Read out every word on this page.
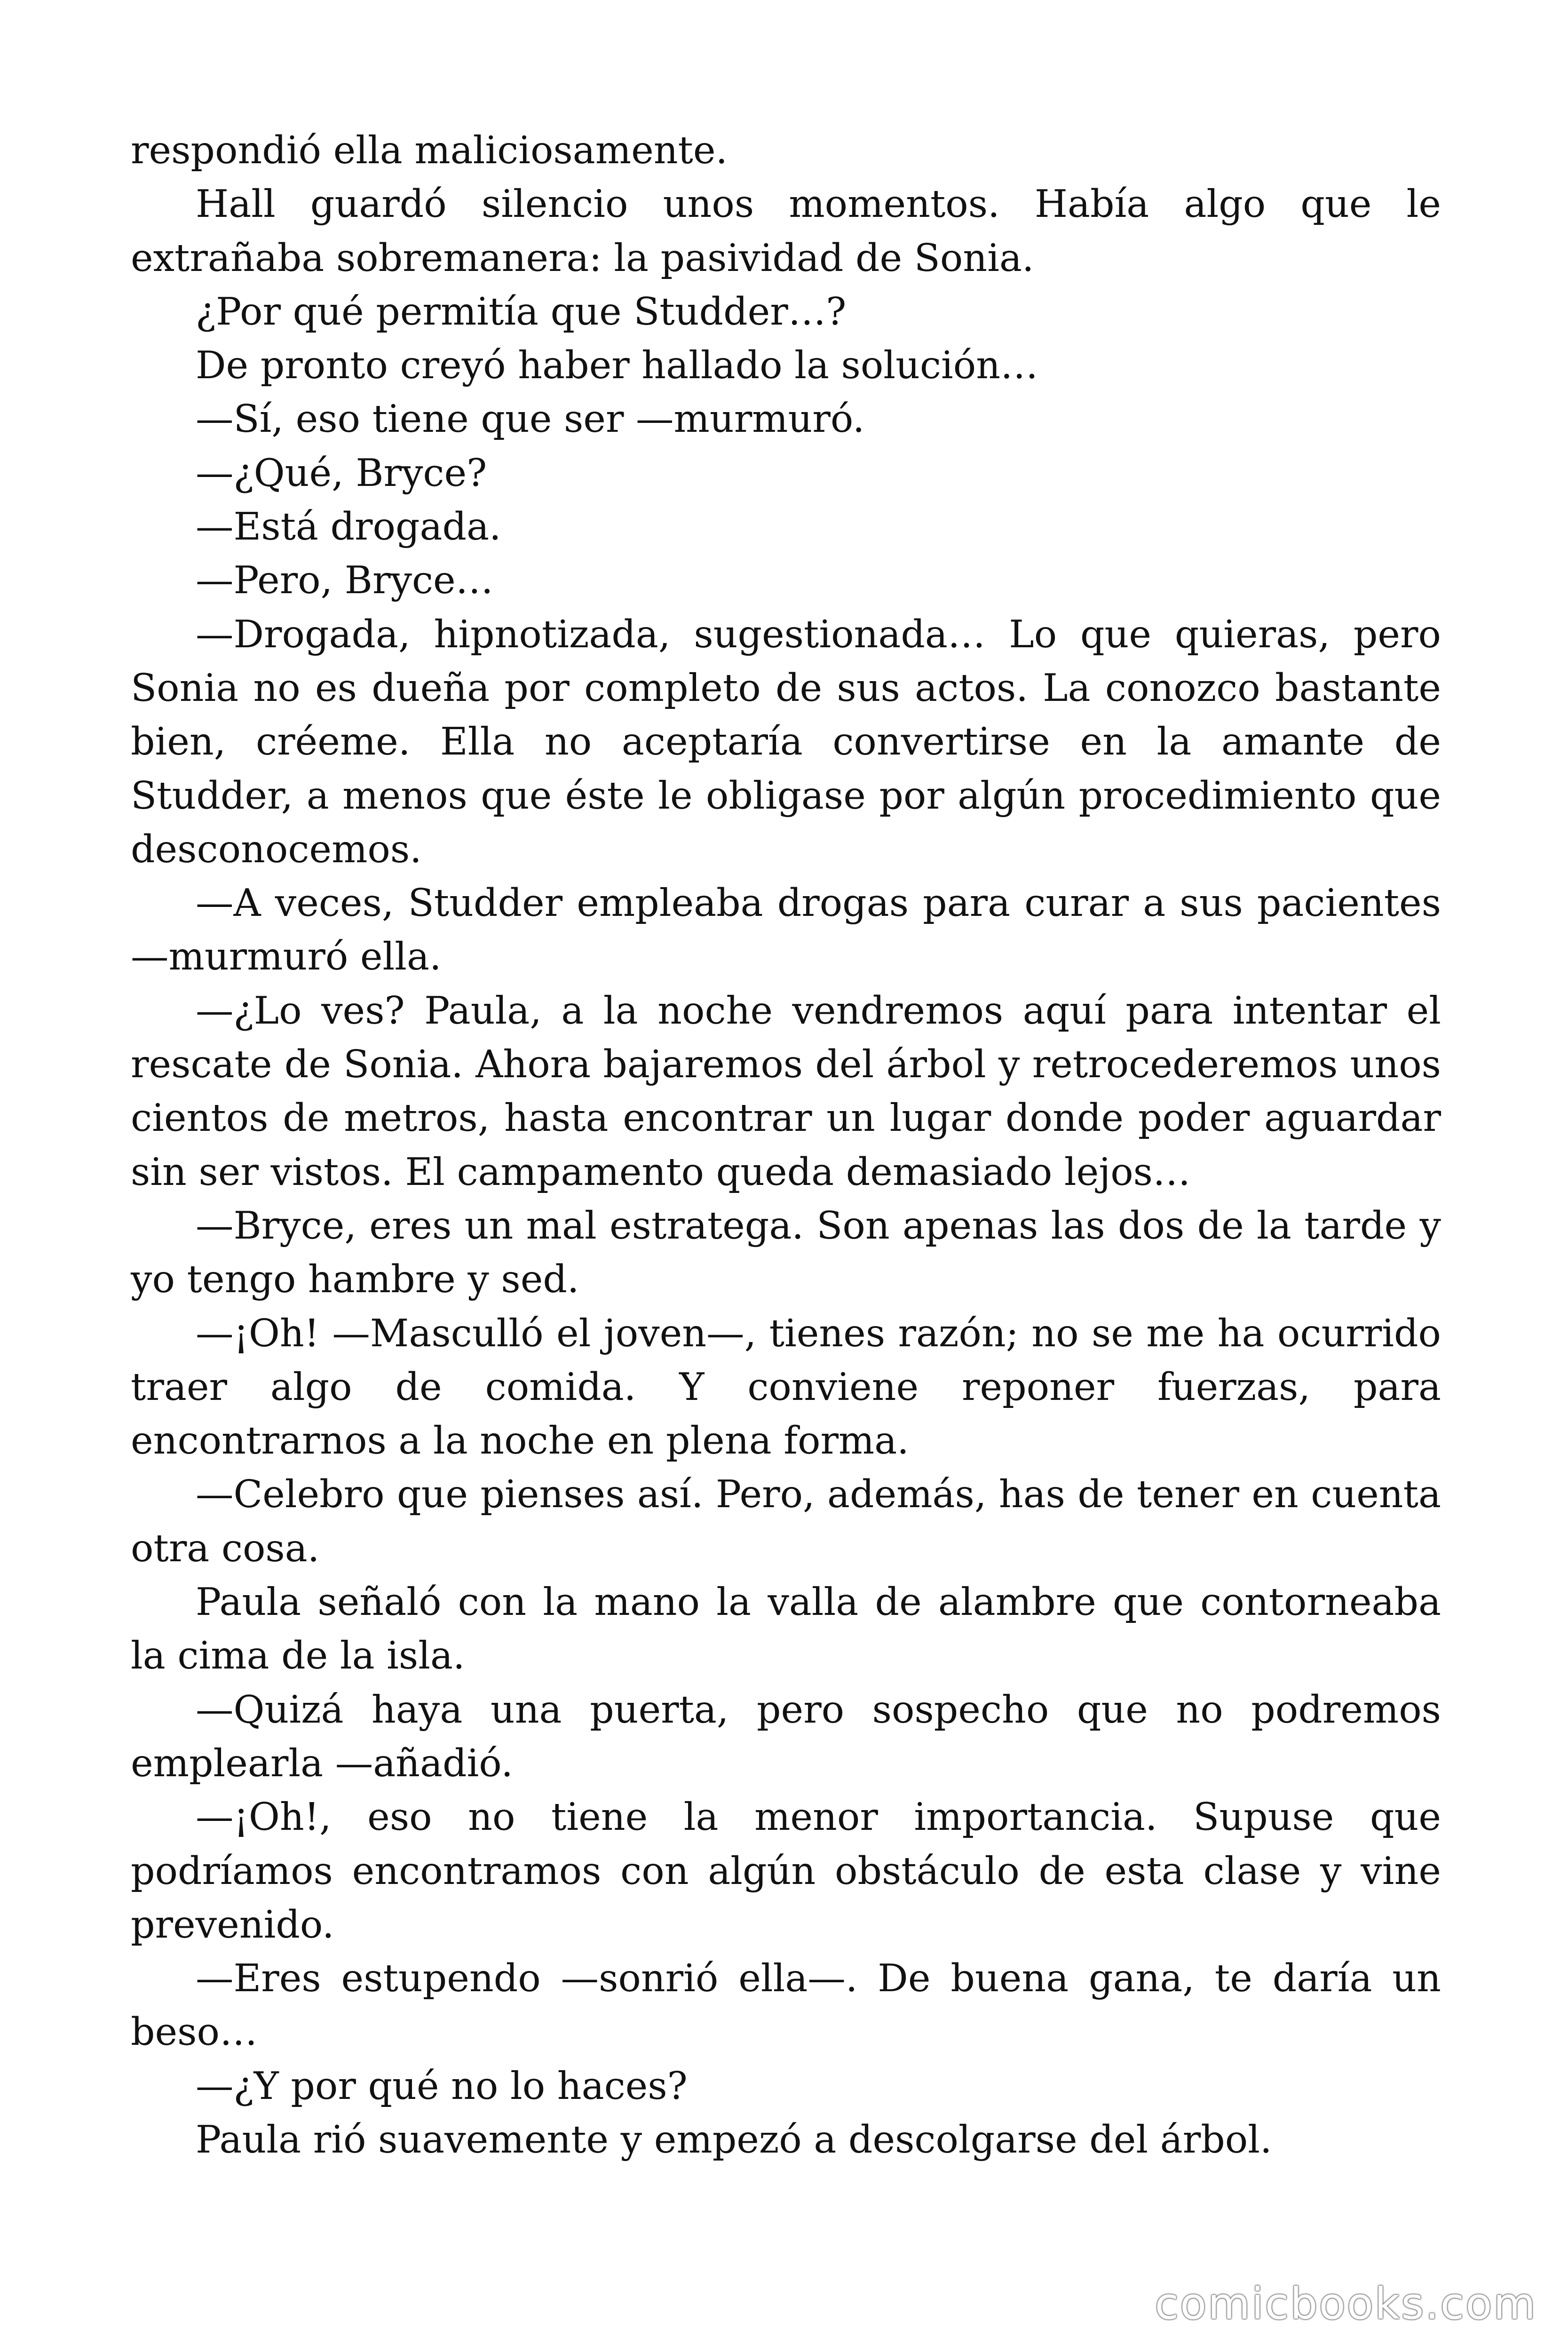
respondió ella maliciosamente.

Hall guardó silencio unos momentos. Había algo que le extrañaba sobremanera: la pasividad de Sonia.

¿Por qué permitía que Studder…?

De pronto creyó haber hallado la solución…

—Sí, eso tiene que ser —murmuró.

—¿Qué, Bryce?

—Está drogada.

—Pero, Bryce…

—Drogada, hipnotizada, sugestionada… Lo que quieras, pero Sonia no es dueña por completo de sus actos. La conozco bastante bien, créeme. Ella no aceptaría convertirse en la amante de Studder, a menos que éste le obligase por algún procedimiento que desconocemos.

—A veces, Studder empleaba drogas para curar a sus pacientes —murmuró ella.

—¿Lo ves? Paula, a la noche vendremos aquí para intentar el rescate de Sonia. Ahora bajaremos del árbol y retrocederemos unos cientos de metros, hasta encontrar un lugar donde poder aguardar sin ser vistos. El campamento queda demasiado lejos…

—Bryce, eres un mal estratega. Son apenas las dos de la tarde y yo tengo hambre y sed.

—¡Oh! —Masculló el joven—, tienes razón; no se me ha ocurrido traer algo de comida. Y conviene reponer fuerzas, para encontrarnos a la noche en plena forma.

—Celebro que pienses así. Pero, además, has de tener en cuenta otra cosa.

Paula señaló con la mano la valla de alambre que contorneaba la cima de la isla.

—Quizá haya una puerta, pero sospecho que no podremos emplearla —añadió.

—¡Oh!, eso no tiene la menor importancia. Supuse que podríamos encontramos con algún obstáculo de esta clase y vine prevenido.

—Eres estupendo —sonrió ella—. De buena gana, te daría un beso…

—¿Y por qué no lo haces?

Paula rió suavemente y empezó a descolgarse del árbol.

comicbooks.com
